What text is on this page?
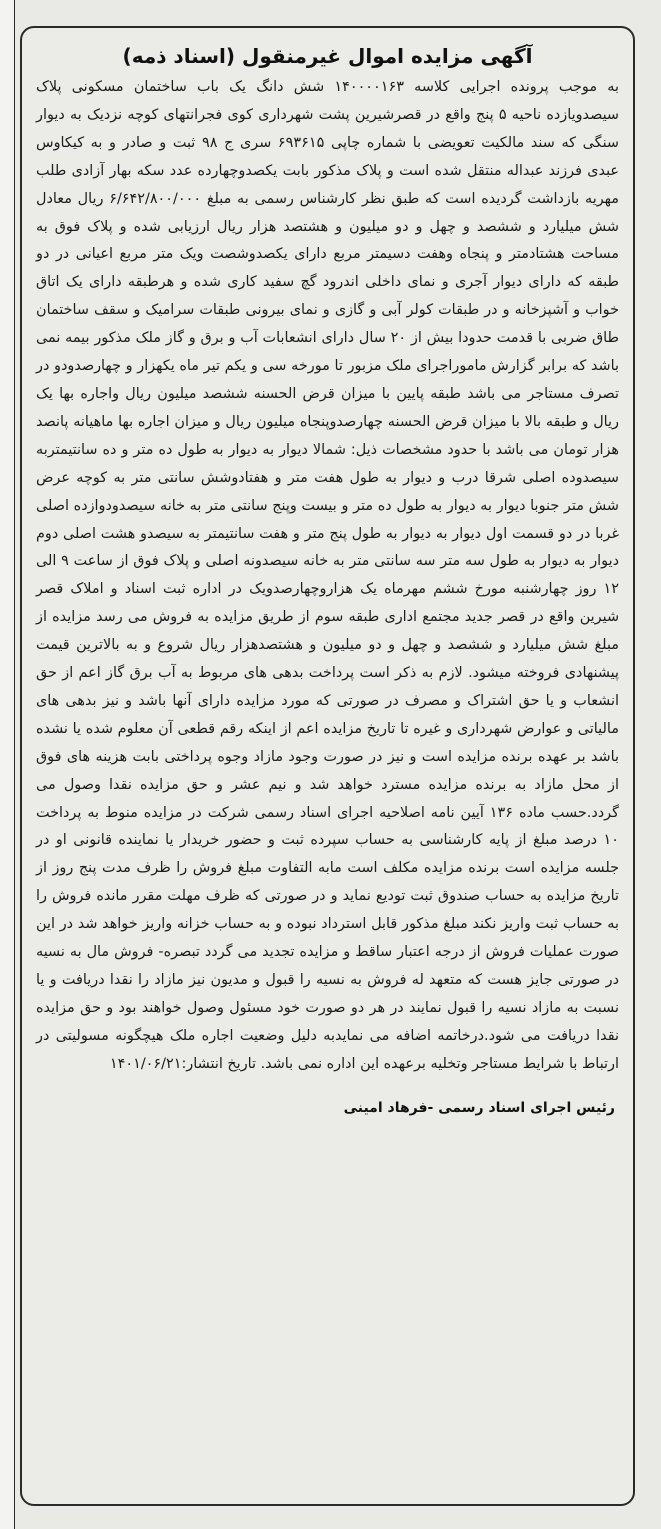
آگهی مزایده اموال غیرمنقول (اسناد ذمه)

به موجب پرونده اجرایی کلاسه ۱۴۰۰۰۰۱۶۳ شش دانگ یک باب ساختمان مسکونی پلاک سیصدویازده ناحیه ۵ پنج واقع در قصرشیرین پشت شهرداری کوی فجرانتهای کوچه نزدیک به دیوار سنگی که سند مالکیت تعویضی با شماره چاپی ۶۹۳۶۱۵ سری ج ۹۸ ثبت و صادر و به کیکاوس عبدی فرزند عبداله منتقل شده است و پلاک مذکور بابت یکصدوچهارده عدد سکه بهار آزادی طلب مهریه بازداشت گردیده است که طبق نظر کارشناس رسمی به مبلغ ۶/۶۴۲/۸۰۰/۰۰۰ ریال معادل شش میلیارد و ششصد و چهل و دو میلیون و هشتصد هزار ریال ارزیابی شده و پلاک فوق به مساحت هشتادمتر و پنجاه وهفت دسیمتر مربع دارای یکصدوشصت ویک متر مربع اعیانی در دو طبقه که دارای دیوار آجری و نمای داخلی اندرود گچ سفید کاری شده و هرطبقه دارای یک اتاق خواب و آشپزخانه و در طبقات کولر آبی و گازی و نمای بیرونی طبقات سرامیک و سقف ساختمان طاق ضربی با قدمت حدودا بیش از ۲۰ سال دارای انشعابات آب و برق و گاز ملک مذکور بیمه نمی باشد که برابر گزارش ماموراجرای ملک مزبور تا مورخه سی و یکم تیر ماه یکهزار و چهارصدودو در تصرف مستاجر می باشد طبقه پایین با میزان قرض الحسنه ششصد میلیون ریال واجاره بها یک ریال و طبقه بالا با میزان قرض الحسنه چهارصدوپنجاه میلیون ریال و میزان اجاره بها ماهیانه پانصد هزار تومان می باشد با حدود مشخصات ذیل: شمالا دیوار به دیوار به طول ده متر و ده سانتیمتربه سیصدوده اصلی شرقا درب و دیوار به طول هفت متر و هفتادوشش سانتی متر به کوچه عرض شش متر جنوبا دیوار به دیوار به طول ده متر و بیست وپنج سانتی متر به خانه سیصدودوازده اصلی غربا در دو قسمت اول دیوار به دیوار به طول پنج متر و هفت سانتیمتر به سیصدو هشت اصلی دوم دیوار به دیوار به طول سه متر سه سانتی متر به خانه سیصدونه اصلی و پلاک فوق از ساعت ۹ الی ۱۲ روز چهارشنبه مورخ ششم مهرماه یک هزاروچهارصدویک در اداره ثبت اسناد و املاک قصر شیرین واقع در قصر جدید مجتمع اداری طبقه سوم از طریق مزایده به فروش می رسد مزایده از مبلغ شش میلیارد و ششصد و چهل و دو میلیون و هشتصدهزار ریال شروع و به بالاترین قیمت پیشنهادی فروخته میشود. لازم به ذکر است پرداخت بدهی های مربوط به آب برق گاز اعم از حق انشعاب و یا حق اشتراک و مصرف در صورتی که مورد مزایده دارای آنها باشد و نیز بدهی های مالیاتی و عوارض شهرداری و غیره تا تاریخ مزایده اعم از اینکه رقم قطعی آن معلوم شده یا نشده باشد بر عهده برنده مزایده است و نیز در صورت وجود مازاد وجوه پرداختی بابت هزینه های فوق از محل مازاد به برنده مزایده مسترد خواهد شد و نیم عشر و حق مزایده نقدا وصول می گردد.حسب ماده ۱۳۶ آیین نامه اصلاحیه اجرای اسناد رسمی شرکت در مزایده منوط به پرداخت ۱۰ درصد مبلغ از پایه کارشناسی به حساب سپرده ثبت و حضور خریدار یا نماینده قانونی او در جلسه مزایده است برنده مزایده مکلف است مابه التفاوت مبلغ فروش را ظرف مدت پنج روز از تاریخ مزایده به حساب صندوق ثبت تودیع نماید و در صورتی که ظرف مهلت مقرر مانده فروش را به حساب ثبت واریز نکند مبلغ مذکور قابل استرداد نبوده و به حساب خزانه واریز خواهد شد در این صورت عملیات فروش از درجه اعتبار ساقط و مزایده تجدید می گردد تبصره- فروش مال به نسیه در صورتی جایز هست که متعهد له فروش به نسیه را قبول و مدیون نیز مازاد را نقدا دریافت و یا نسبت به مازاد نسیه را قبول نمایند در هر دو صورت خود مسئول وصول خواهند بود و حق مزایده نقدا دریافت می شود.درخاتمه اضافه می نمایدبه دلیل وضعیت اجاره ملک هیچگونه مسولیتی در ارتباط با شرایط مستاجر وتخلیه برعهده این اداره نمی باشد. تاریخ انتشار:۱۴۰۱/۰۶/۲۱

رئیس اجرای اسناد رسمی -فرهاد امینی
